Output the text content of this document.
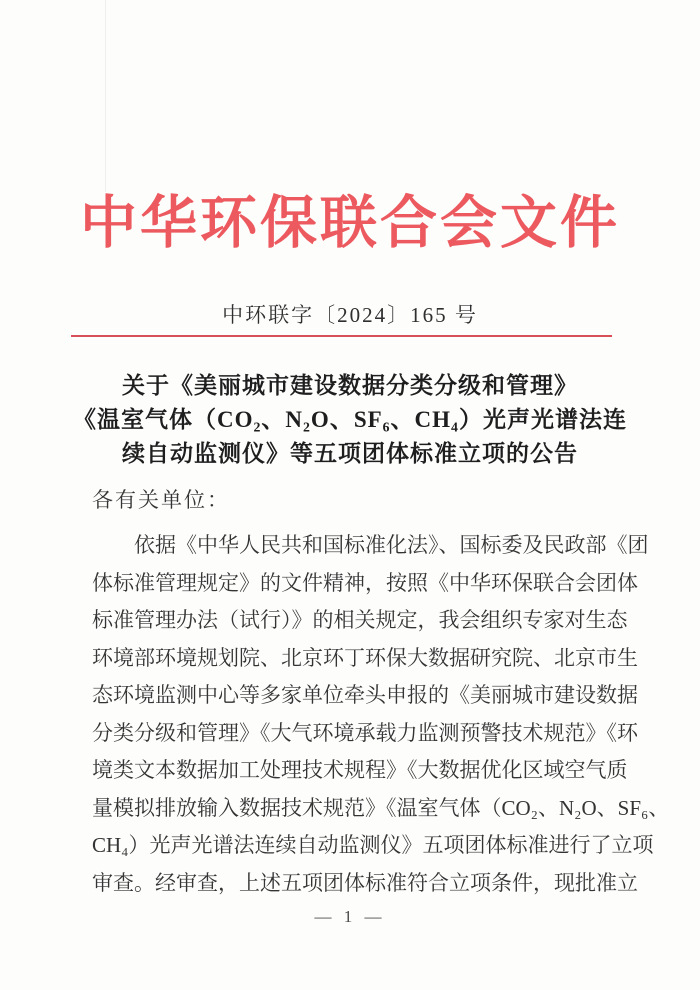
中华环保联合会文件
中环联字〔2024〕165 号
关于《美丽城市建设数据分类分级和管理》
《温室气体（CO₂、N₂O、SF₆、CH₄）光声光谱法连
续自动监测仪》等五项团体标准立项的公告
各有关单位：
依据《中华人民共和国标准化法》、国标委及民政部《团
体标准管理规定》的文件精神，按照《中华环保联合会团体
标准管理办法（试行）》的相关规定，我会组织专家对生态
环境部环境规划院、北京环丁环保大数据研究院、北京市生
态环境监测中心等多家单位牵头申报的《美丽城市建设数据
分类分级和管理》《大气环境承载力监测预警技术规范》《环
境类文本数据加工处理技术规程》《大数据优化区域空气质
量模拟排放输入数据技术规范》《温室气体（CO₂、N₂O、SF₆、
CH₄）光声光谱法连续自动监测仪》五项团体标准进行了立项
审查。经审查，上述五项团体标准符合立项条件，现批准立
— 1 —
